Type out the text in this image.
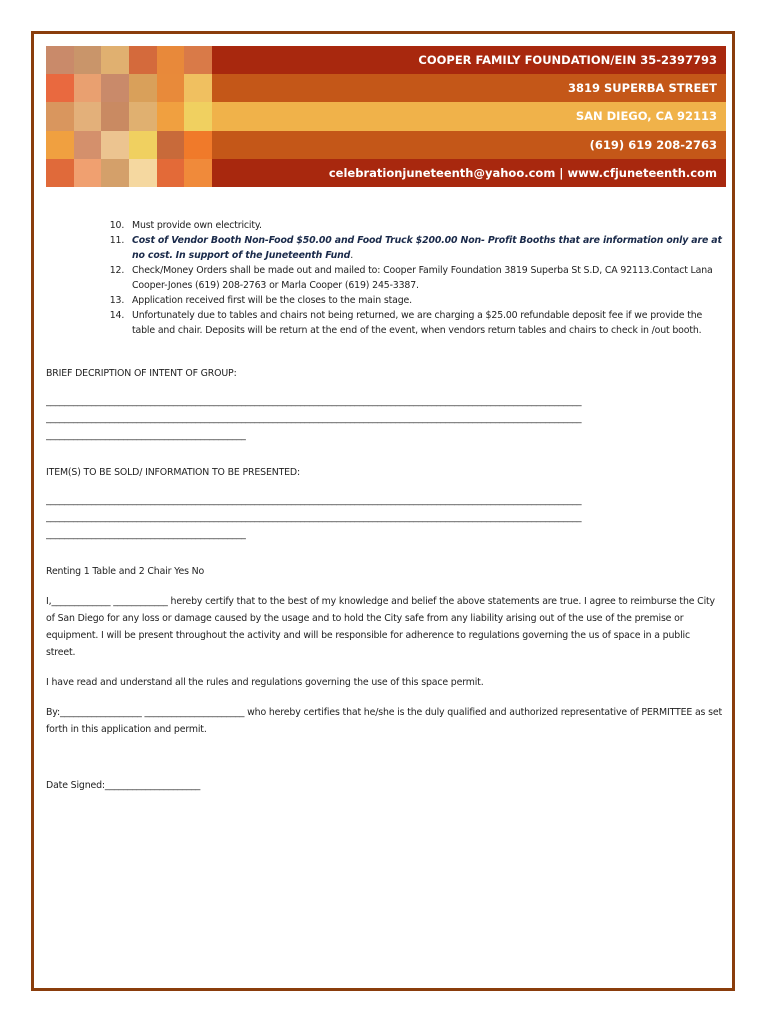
COOPER FAMILY FOUNDATION/EIN 35-2397793
3819 SUPERBA STREET
SAN DIEGO, CA 92113
(619) 619 208-2763
celebrationjuneteenth@yahoo.com | www.cfjuneteenth.com
10. Must provide own electricity.
11. Cost of Vendor Booth Non-Food $50.00 and Food Truck $200.00 Non- Profit Booths that are information only are at no cost. In support of the Juneteenth Fund.
12. Check/Money Orders shall be made out and mailed to: Cooper Family Foundation 3819 Superba St S.D, CA 92113.Contact Lana Cooper-Jones (619) 208-2763 or Marla Cooper (619) 245-3387.
13. Application received first will be the closes to the main stage.
14. Unfortunately due to tables and chairs not being returned, we are charging a $25.00 refundable deposit fee if we provide the table and chair. Deposits will be return at the end of the event, when vendors return tables and chairs to check in /out booth.
BRIEF DECRIPTION OF INTENT OF GROUP:
______________________________________________________________________________________________________________________
______________________________________________________________________________________________________________________
____________________________________________
ITEM(S) TO BE SOLD/ INFORMATION TO BE PRESENTED:
______________________________________________________________________________________________________________________
______________________________________________________________________________________________________________________
____________________________________________

Renting 1 Table and 2 Chair Yes No

I,_____________ ____________ hereby certify that to the best of my knowledge and belief the above statements are true. I agree to reimburse the City of San Diego for any loss or damage caused by the usage and to hold the City safe from any liability arising out of the use of the premise or equipment. I will be present throughout the activity and will be responsible for adherence to regulations governing the us of space in a public street.

I have read and understand all the rules and regulations governing the use of this space permit.

By:__________________ ______________________ who hereby certifies that he/she is the duly qualified and authorized representative of PERMITTEE as set forth in this application and permit.

Date Signed:_____________________
